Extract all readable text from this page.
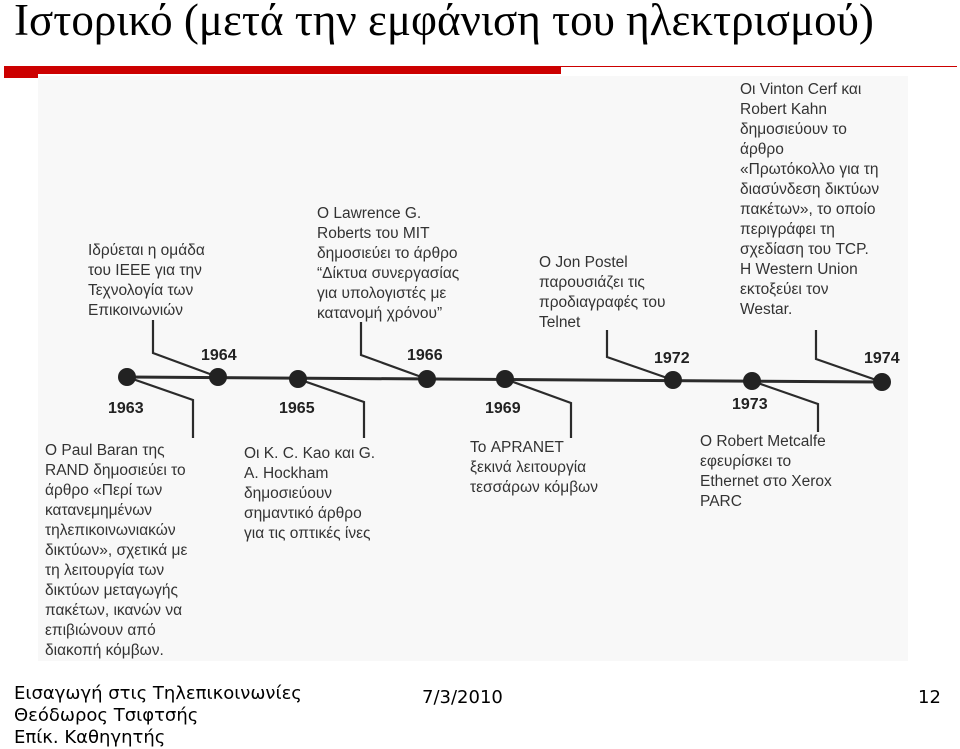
Ιστορικό (μετά την εμφάνιση του ηλεκτρισμού)
1963
1964
1965
1966
1969
1972
1973
1974
Ο Paul Baran της
RAND δημοσιεύει το
άρθρο «Περί των
κατανεμημένων
τηλεπικοινωνιακών
δικτύων», σχετικά με
τη λειτουργία των
δικτύων μεταγωγής
πακέτων, ικανών να
επιβιώνουν από
διακοπή κόμβων.
Ιδρύεται η ομάδα
του IEEE για την
Τεχνολογία των
Επικοινωνιών
Οι K. C. Kao και G.
A. Hockham
δημοσιεύουν
σημαντικό άρθρο
για τις οπτικές ίνες
Ο Lawrence G.
Roberts του MIT
δημοσιεύει το άρθρο
“Δίκτυα συνεργασίας
για υπολογιστές με
κατανομή χρόνου”
Το APRANET
ξεκινά λειτουργία
τεσσάρων κόμβων
Ο Jon Postel
παρουσιάζει τις
προδιαγραφές του
Telnet
Ο Robert Metcalfe
εφευρίσκει το
Ethernet στο Xerox
PARC
Οι Vinton Cerf και
Robert Kahn
δημοσιεύουν το
άρθρο
«Πρωτόκολλο για τη
διασύνδεση δικτύων
πακέτων», το οποίο
περιγράφει τη
σχεδίαση του TCP.
Η Western Union
εκτοξεύει τον
Westar.
Εισαγωγή στις Τηλεπικοινωνίες
Θεόδωρος Τσιφτσής
Επίκ. Καθηγητής
7/3/2010	12
